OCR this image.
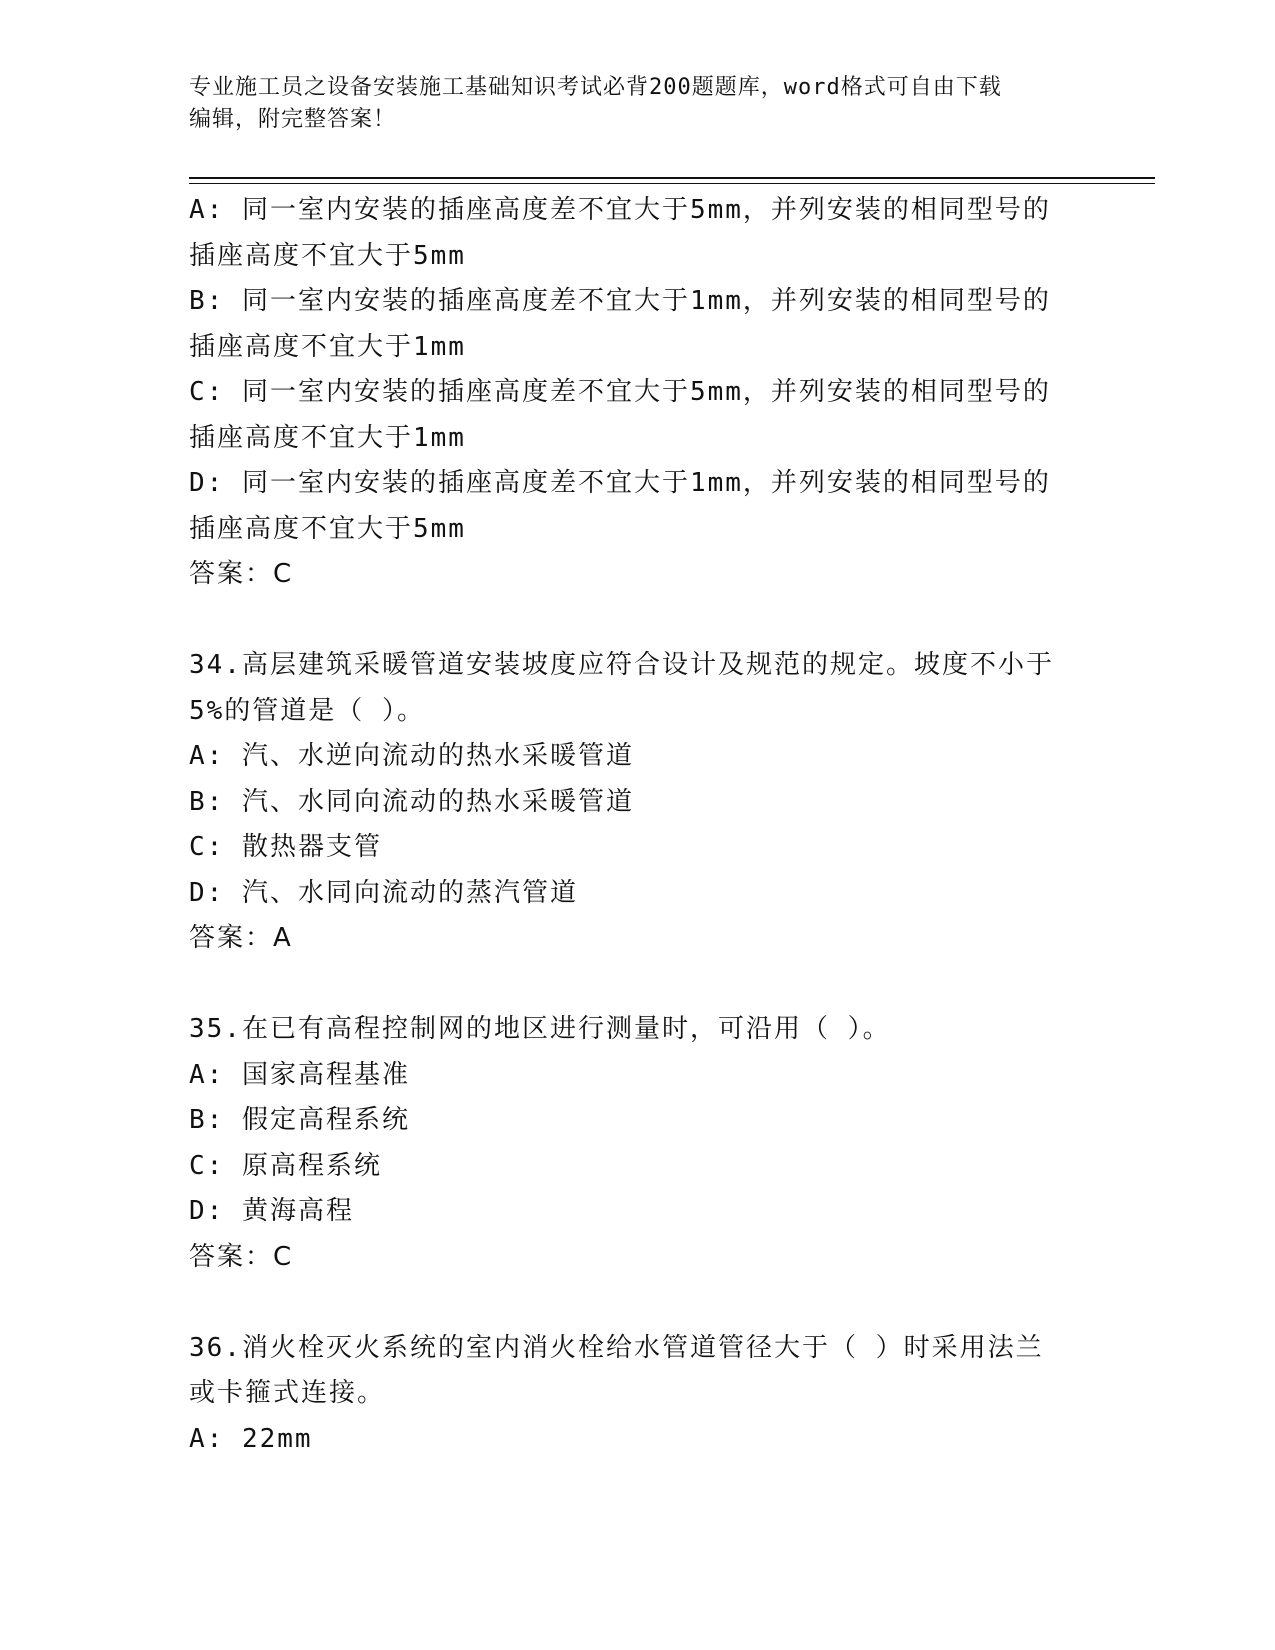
专业施工员之设备安装施工基础知识考试必背200题题库，word格式可自由下载
编辑，附完整答案！
A: 同一室内安装的插座高度差不宜大于5mm，并列安装的相同型号的
插座高度不宜大于5mm
B: 同一室内安装的插座高度差不宜大于1mm，并列安装的相同型号的
插座高度不宜大于1mm
C: 同一室内安装的插座高度差不宜大于5mm，并列安装的相同型号的
插座高度不宜大于1mm
D: 同一室内安装的插座高度差不宜大于1mm，并列安装的相同型号的
插座高度不宜大于5mm
答案：C
34.高层建筑采暖管道安装坡度应符合设计及规范的规定。坡度不小于
5%的管道是（ ）。
A: 汽、水逆向流动的热水采暖管道
B: 汽、水同向流动的热水采暖管道
C: 散热器支管
D: 汽、水同向流动的蒸汽管道
答案：A
35.在已有高程控制网的地区进行测量时，可沿用（ ）。
A: 国家高程基准
B: 假定高程系统
C: 原高程系统
D: 黄海高程
答案：C
36.消火栓灭火系统的室内消火栓给水管道管径大于（ ）时采用法兰
或卡箍式连接。
A: 22mm
